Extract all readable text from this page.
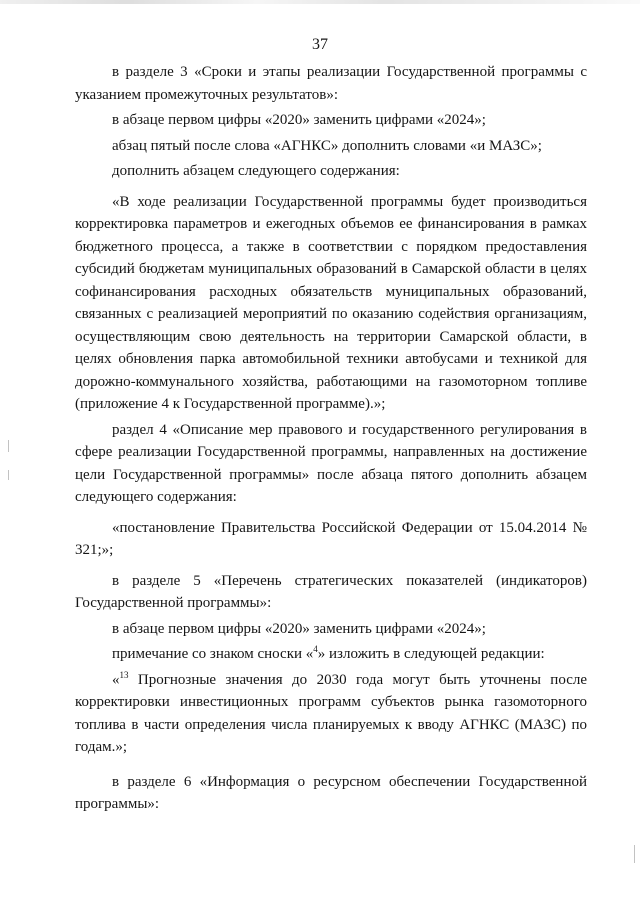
37

в разделе 3 «Сроки и этапы реализации Государственной программы с указанием промежуточных результатов»:

в абзаце первом цифры «2020» заменить цифрами «2024»;

абзац пятый после слова «АГНКС» дополнить словами «и МАЗС»;

дополнить абзацем следующего содержания:

«В ходе реализации Государственной программы будет производиться корректировка параметров и ежегодных объемов ее финансирования в рамках бюджетного процесса, а также в соответствии с порядком предоставления субсидий бюджетам муниципальных образований в Самарской области в целях софинансирования расходных обязательств муниципальных образований, связанных с реализацией мероприятий по оказанию содействия организациям, осуществляющим свою деятельность на территории Самарской области, в целях обновления парка автомобильной техники автобусами и техникой для дорожно-коммунального хозяйства, работающими на газомоторном топливе (приложение 4 к Государственной программе).»;

раздел 4 «Описание мер правового и государственного регулирования в сфере реализации Государственной программы, направленных на достижение цели Государственной программы» после абзаца пятого дополнить абзацем следующего содержания:

«постановление Правительства Российской Федерации от 15.04.2014 № 321;»;

в разделе 5 «Перечень стратегических показателей (индикаторов) Государственной программы»:

в абзаце первом цифры «2020» заменить цифрами «2024»;

примечание со знаком сноски «$^4$» изложить в следующей редакции:

«$^{13}$ Прогнозные значения до 2030 года могут быть уточнены после корректировки инвестиционных программ субъектов рынка газомоторного топлива в части определения числа планируемых к вводу АГНКС (МАЗС) по годам.»;

в разделе 6 «Информация о ресурсном обеспечении Государственной программы»:
